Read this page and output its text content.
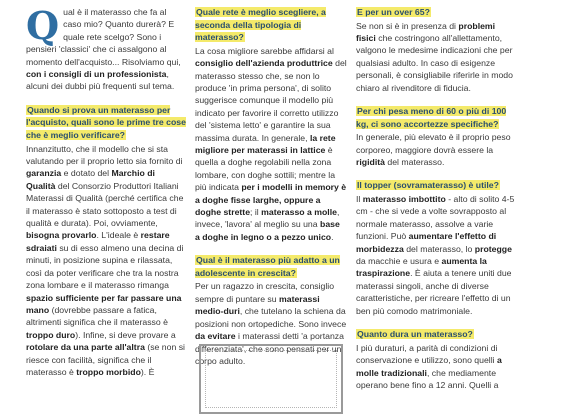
Qual è il materasso che fa al caso mio? Quanto durerà? E quale rete scelgo? Sono i pensieri 'classici' che ci assalgono al momento dell'acquisto... Risolviamo qui, con i consigli di un professionista, alcuni dei dubbi più frequenti sul tema.

Quando si prova un materasso per l'acquisto, quali sono le prime tre cose che è meglio verificare?

Innanzitutto, che il modello che si sta valutando per il proprio letto sia fornito di garanzia e dotato del Marchio di Qualità del Consorzio Produttori Italiani Materassi di Qualità (perché certifica che il materasso è stato sottoposto a test di qualità e durata). Poi, ovviamente, bisogna provarlo. L'ideale è restare sdraiati su di esso almeno una decina di minuti, in posizione supina e rilassata, così da poter verificare che tra la nostra zona lombare e il materasso rimanga spazio sufficiente per far passare una mano (dovrebbe passare a fatica, altrimenti significa che il materasso è troppo duro). Infine, si deve provare a rotolare da una parte all'altra (se non si riesce con facilità, significa che il materasso è troppo morbido). È

Quale rete è meglio scegliere, a seconda della tipologia di materasso?

La cosa migliore sarebbe affidarsi al consiglio dell'azienda produttrice del materasso stesso che, se non lo produce 'in prima persona', di solito suggerisce comunque il modello più indicato per favorire il corretto utilizzo del 'sistema letto' e garantire la sua massima durata. In generale, la rete migliore per materassi in lattice è quella a doghe regolabili nella zona lombare, con doghe sottili; mentre la più indicata per i modelli in memory è a doghe fisse larghe, oppure a doghe strette; il materasso a molle, invece, 'lavora' al meglio su una base a doghe in legno o a pezzo unico.

Qual è il materasso più adatto a un adolescente in crescita?

Per un ragazzo in crescita, consiglio sempre di puntare su materassi medio-duri, che tutelano la schiena da posizioni non ortopediche. Sono invece da evitare i materassi detti 'a portanza differenziata', che sono pensati per un corpo adulto.

E per un over 65?

Se non si è in presenza di problemi fisici che costringono all'allettamento, valgono le medesime indicazioni che per qualsiasi adulto. In caso di esigenze personali, è consigliabile riferirle in modo chiaro al rivenditore di fiducia.

Per chi pesa meno di 60 o più di 100 kg, ci sono accortezze specifiche?

In generale, più elevato è il proprio peso corporeo, maggiore dovrà essere la rigidità del materasso.

Il topper (sovramaterasso) è utile?

Il materasso imbottito - alto di solito 4-5 cm - che si vede a volte sovrapposto al normale materasso, assolve a varie funzioni. Può aumentare l'effetto di morbidezza del materasso, lo protegge da macchie e usura e aumenta la traspirazione. È aiuta a tenere uniti due materassi singoli, anche di diverse caratteristiche, per ricreare l'effetto di un ben più comodo matrimoniale.

Quanto dura un materasso?

I più duraturi, a parità di condizioni di conservazione e utilizzo, sono quelli a molle tradizionali, che mediamente operano bene fino a 12 anni. Quelli a
